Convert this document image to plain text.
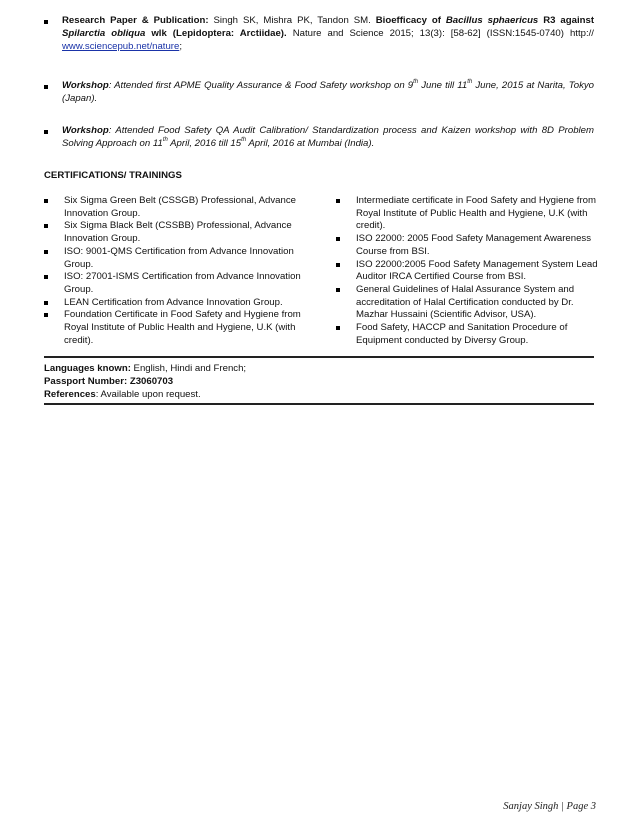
Research Paper & Publication: Singh SK, Mishra PK, Tandon SM. Bioefficacy of Bacillus sphaericus R3 against Spilarctia obliqua wlk (Lepidoptera: Arctiidae). Nature and Science 2015; 13(3): [58-62] (ISSN:1545-0740) http:// www.sciencepub.net/nature;
Workshop: Attended first APME Quality Assurance & Food Safety workshop on 9th June till 11th June, 2015 at Narita, Tokyo (Japan).
Workshop: Attended Food Safety QA Audit Calibration/ Standardization process and Kaizen workshop with 8D Problem Solving Approach on 11th April, 2016 till 15th April, 2016 at Mumbai (India).
CERTIFICATIONS/ TRAININGS
Six Sigma Green Belt (CSSGB) Professional, Advance Innovation Group.
Six Sigma Black Belt (CSSBB) Professional, Advance Innovation Group.
ISO: 9001-QMS Certification from Advance Innovation Group.
ISO: 27001-ISMS Certification from Advance Innovation Group.
LEAN Certification from Advance Innovation Group.
Foundation Certificate in Food Safety and Hygiene from Royal Institute of Public Health and Hygiene, U.K (with credit).
Intermediate certificate in Food Safety and Hygiene from Royal Institute of Public Health and Hygiene, U.K (with credit).
ISO 22000: 2005 Food Safety Management Awareness Course from BSI.
ISO 22000:2005 Food Safety Management System Lead Auditor IRCA Certified Course from BSI.
General Guidelines of Halal Assurance System and accreditation of Halal Certification conducted by Dr. Mazhar Hussaini (Scientific Advisor, USA).
Food Safety, HACCP and Sanitation Procedure of Equipment conducted by Diversy Group.
Languages known: English, Hindi and French;
Passport Number: Z3060703
References: Available upon request.
Sanjay Singh | Page 3
